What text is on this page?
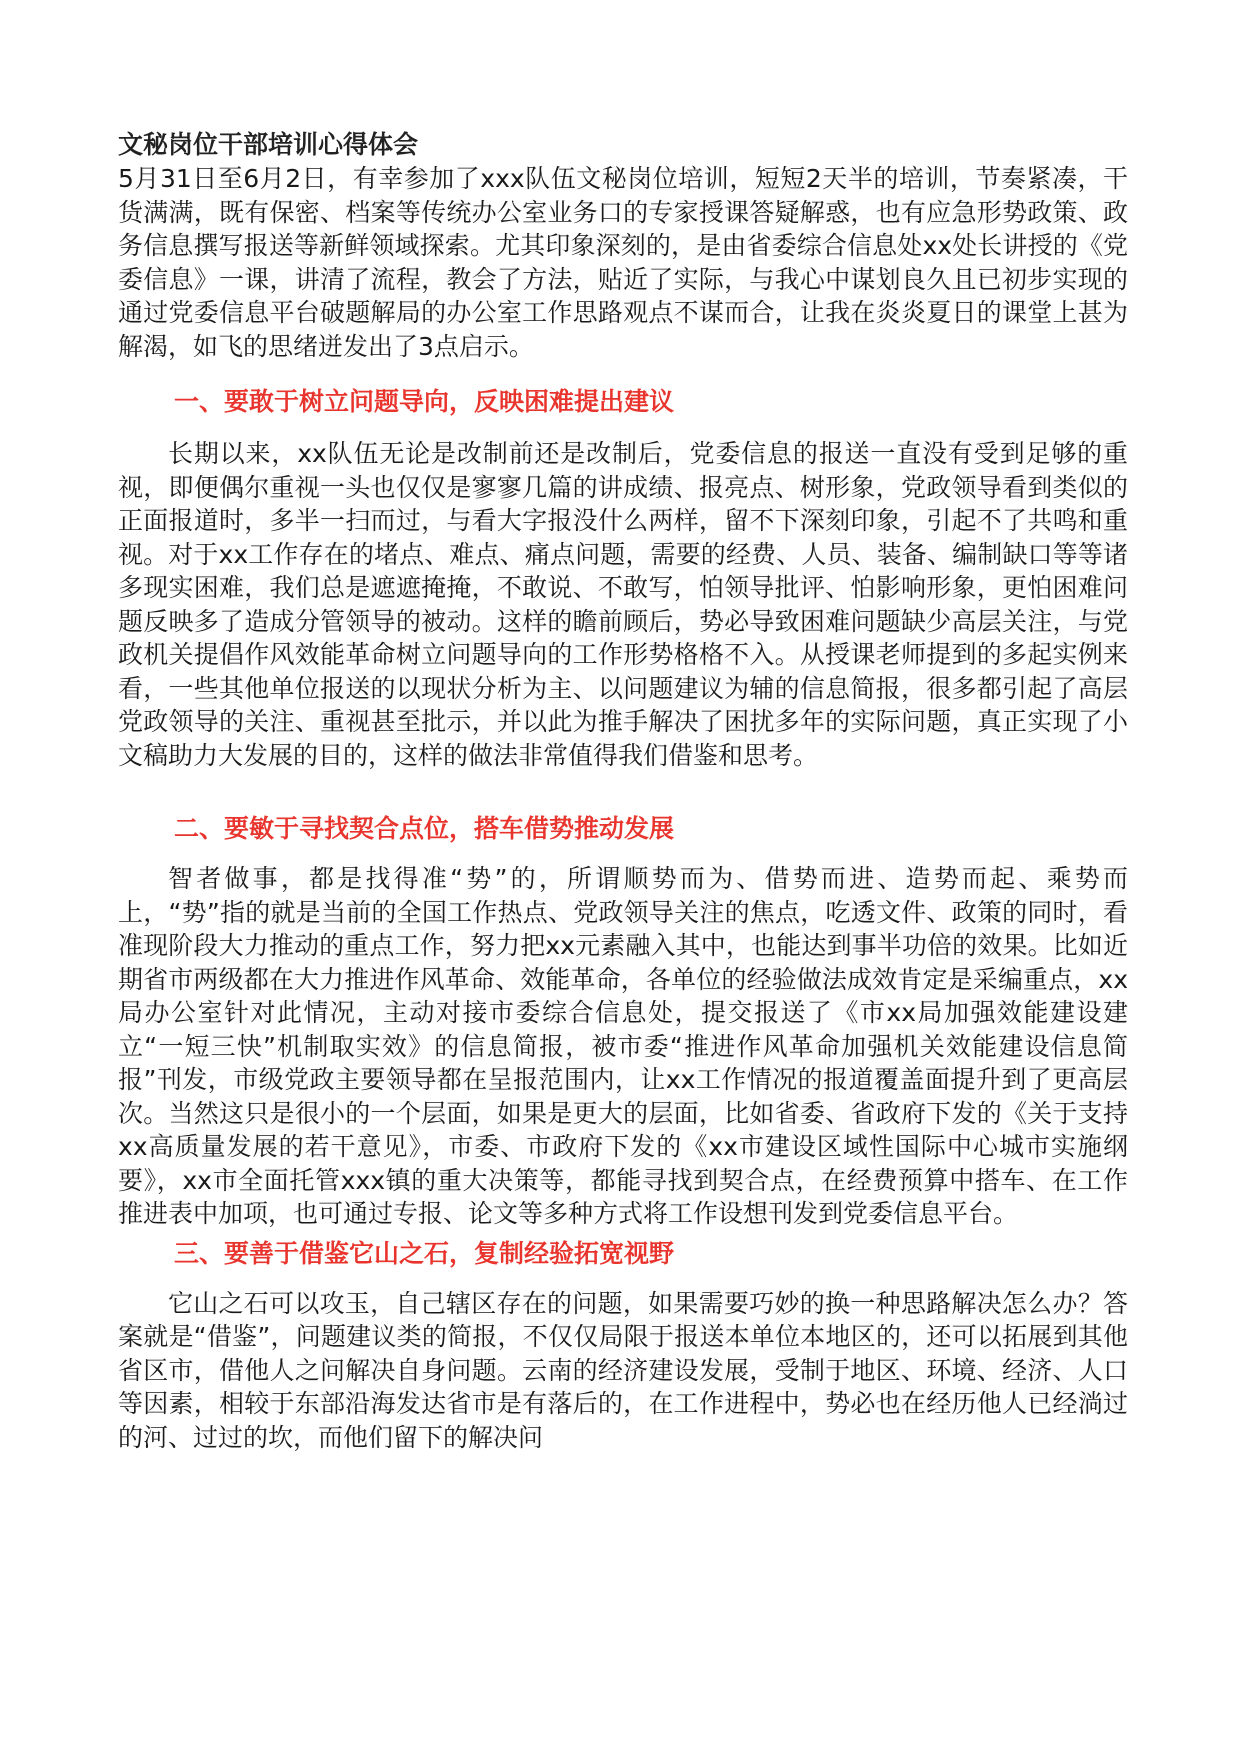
文秘岗位干部培训心得体会

5月31日至6月2日，有幸参加了xxx队伍文秘岗位培训，短短2天半的培训，节奏紧凑，干货满满，既有保密、档案等传统办公室业务口的专家授课答疑解惑，也有应急形势政策、政务信息撰写报送等新鲜领域探索。尤其印象深刻的，是由省委综合信息处xx处长讲授的《党委信息》一课，讲清了流程，教会了方法，贴近了实际，与我心中谋划良久且已初步实现的通过党委信息平台破题解局的办公室工作思路观点不谋而合，让我在炎炎夏日的课堂上甚为解渴，如飞的思绪迸发出了3点启示。

一、要敢于树立问题导向，反映困难提出建议

长期以来，xx队伍无论是改制前还是改制后，党委信息的报送一直没有受到足够的重视，即便偶尔重视一头也仅仅是寥寥几篇的讲成绩、报亮点、树形象，党政领导看到类似的正面报道时，多半一扫而过，与看大字报没什么两样，留不下深刻印象，引起不了共鸣和重视。对于xx工作存在的堵点、难点、痛点问题，需要的经费、人员、装备、编制缺口等等诸多现实困难，我们总是遮遮掩掩，不敢说、不敢写，怕领导批评、怕影响形象，更怕困难问题反映多了造成分管领导的被动。这样的瞻前顾后，势必导致困难问题缺少高层关注，与党政机关提倡作风效能革命树立问题导向的工作形势格格不入。从授课老师提到的多起实例来看，一些其他单位报送的以现状分析为主、以问题建议为辅的信息简报，很多都引起了高层党政领导的关注、重视甚至批示，并以此为推手解决了困扰多年的实际问题，真正实现了小文稿助力大发展的目的，这样的做法非常值得我们借鉴和思考。

二、要敏于寻找契合点位，搭车借势推动发展

智者做事，都是找得准“势”的，所谓顺势而为、借势而进、造势而起、乘势而上，“势”指的就是当前的全国工作热点、党政领导关注的焦点，吃透文件、政策的同时，看准现阶段大力推动的重点工作，努力把xx元素融入其中，也能达到事半功倍的效果。比如近期省市两级都在大力推进作风革命、效能革命，各单位的经验做法成效肯定是采编重点，xx局办公室针对此情况，主动对接市委综合信息处，提交报送了《市xx局加强效能建设建立“一短三快”机制取实效》的信息简报，被市委“推进作风革命加强机关效能建设信息简报”刊发，市级党政主要领导都在呈报范围内，让xx工作情况的报道覆盖面提升到了更高层次。当然这只是很小的一个层面，如果是更大的层面，比如省委、省政府下发的《关于支持xx高质量发展的若干意见》，市委、市政府下发的《xx市建设区域性国际中心城市实施纲要》，xx市全面托管xxx镇的重大决策等，都能寻找到契合点，在经费预算中搭车、在工作推进表中加项，也可通过专报、论文等多种方式将工作设想刊发到党委信息平台。

三、要善于借鉴它山之石，复制经验拓宽视野

它山之石可以攻玉，自己辖区存在的问题，如果需要巧妙的换一种思路解决怎么办？答案就是“借鉴”，问题建议类的简报，不仅仅局限于报送本单位本地区的，还可以拓展到其他省区市，借他人之问解决自身问题。云南的经济建设发展，受制于地区、环境、经济、人口等因素，相较于东部沿海发达省市是有落后的，在工作进程中，势必也在经历他人已经淌过的河、过过的坎，而他们留下的解决问
